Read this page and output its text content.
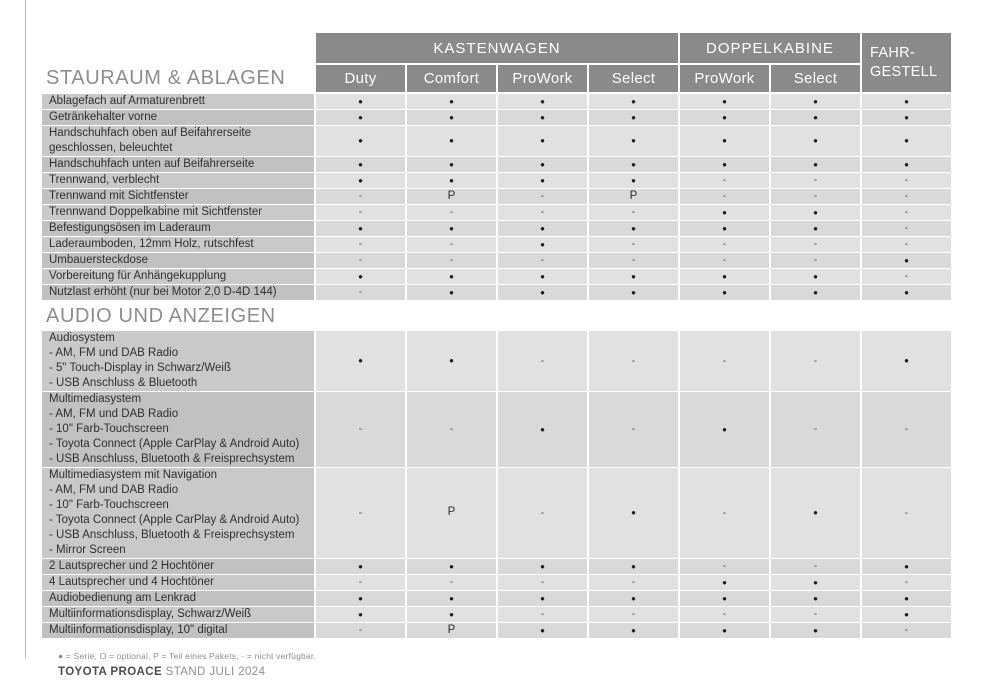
STAURAUM & ABLAGEN
KASTENWAGEN	DOPPELKABINE	FAHR-
GESTELL
Duty	Comfort	ProWork	Select	ProWork	Select
Ablagefach auf Armaturenbrett	●	●	●	●	●	●	●
Getränkehalter vorne	●	●	●	●	●	●	●
Handschuhfach oben auf Beifahrerseite
geschlossen, beleuchtet
●	●	●	●	●	●	●
Handschuhfach unten auf Beifahrerseite	●	●	●	●	●	●	●
Trennwand, verblecht	●	●	●	●	-	-	-
Trennwand mit Sichtfenster	-	P	-	P	-	-	-
Trennwand Doppelkabine mit Sichtfenster	-	-	-	-	●	●	-
Befestigungsösen im Laderaum	●	●	●	●	●	●	-
Laderaumboden, 12mm Holz, rutschfest	-	-	●	-	-	-	-
Umbauersteckdose	-	-	-	-	-	-	●
Vorbereitung für Anhängekupplung	●	●	●	●	●	●	-
Nutzlast erhöht (nur bei Motor 2,0 D-4D 144)	-	●	●	●	●	●	●
AUDIO UND ANZEIGEN
Audiosystem
- AM, FM und DAB Radio
- 5" Touch-Display in Schwarz/Weiß
- USB Anschluss & Bluetooth
●	●	-	-	-	-	●
Multimediasystem
- AM, FM und DAB Radio
- 10" Farb-Touchscreen
- Toyota Connect (Apple CarPlay & Android Auto)
- USB Anschluss, Bluetooth & Freisprechsystem
-	-	●	-	●	-	-
Multimediasystem mit Navigation
- AM, FM und DAB Radio
- 10" Farb-Touchscreen
- Toyota Connect (Apple CarPlay & Android Auto)
- USB Anschluss, Bluetooth & Freisprechsystem
- Mirror Screen
-	P	-	●	-	●	-
2 Lautsprecher und 2 Hochtöner	●	●	●	●	-	-	●
4 Lautsprecher und 4 Hochtöner	-	-	-	-	●	●	-
Audiobedienung am Lenkrad	●	●	●	●	●	●	●
Multiinformationsdisplay, Schwarz/Weiß	●	●	-	-	-	-	●
Multiinformationsdisplay, 10" digital	-	P	●	●	●	●	-
● = Serie, O = optional, P = Teil eines Pakets, - = nicht verfügbar.
TOYOTA PROACE STAND JULI 2024
